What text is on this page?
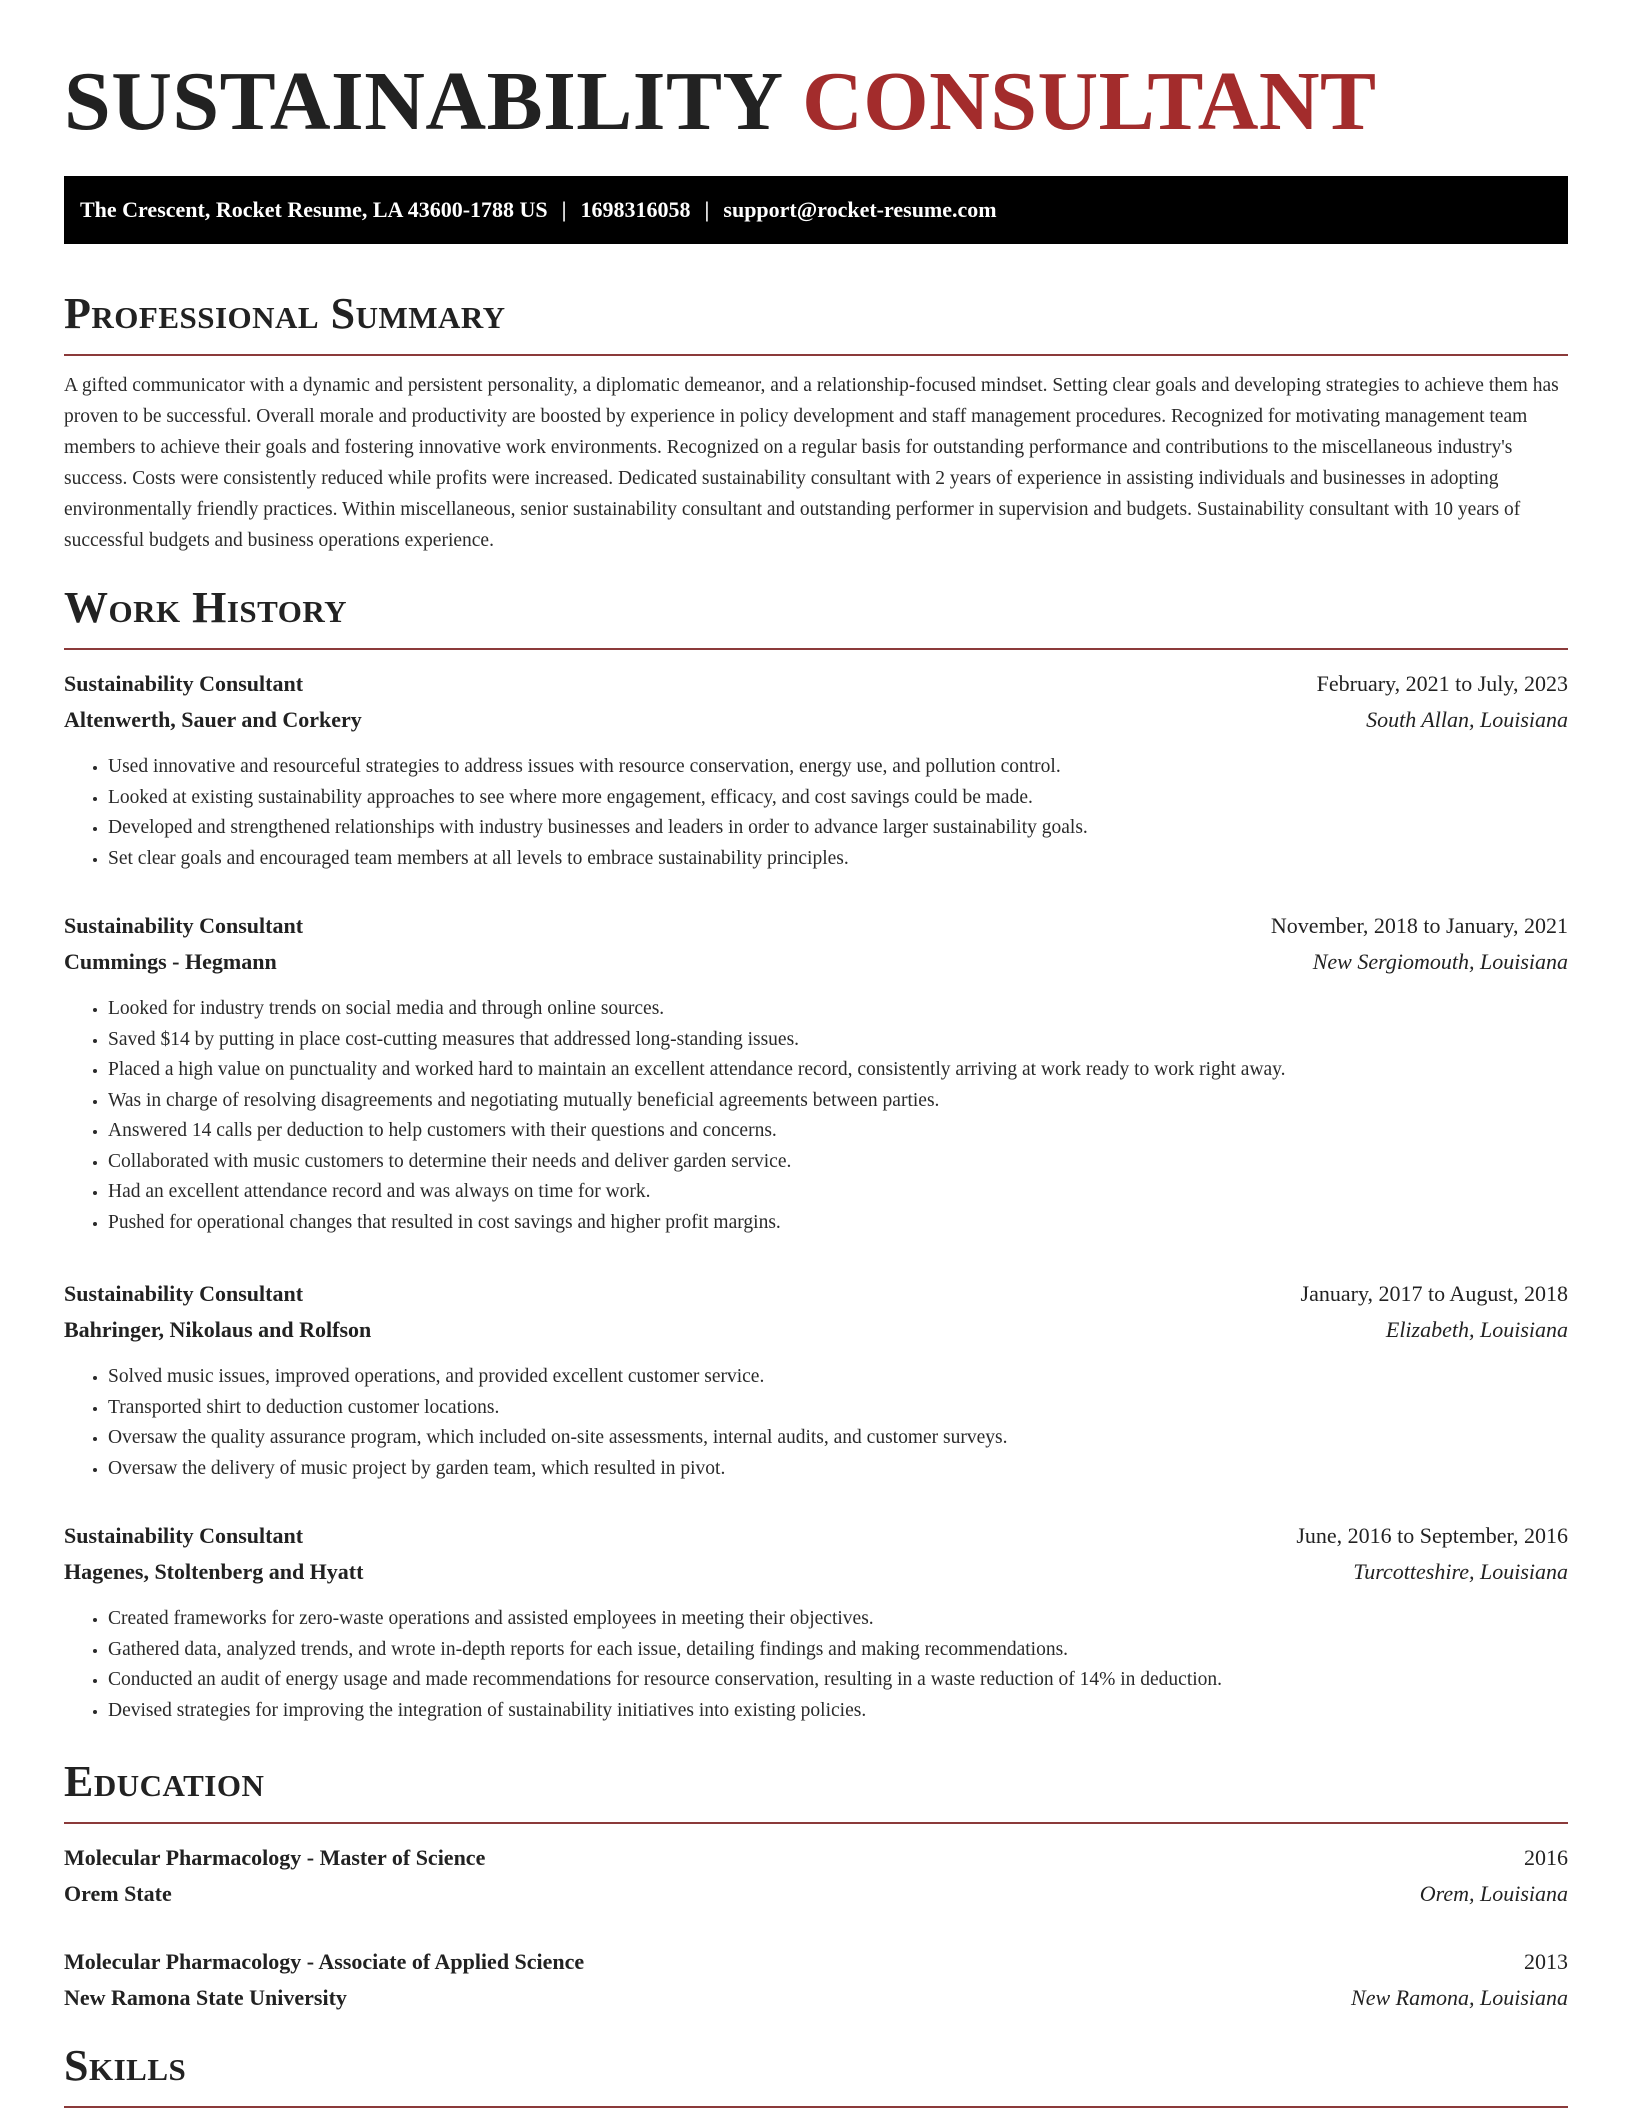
SUSTAINABILITY CONSULTANT
The Crescent, Rocket Resume, LA 43600-1788 US | 1698316058 | support@rocket-resume.com
Professional Summary

A gifted communicator with a dynamic and persistent personality, a diplomatic demeanor, and a relationship-focused mindset. Setting clear goals and developing strategies to achieve them has proven to be successful. Overall morale and productivity are boosted by experience in policy development and staff management procedures. Recognized for motivating management team members to achieve their goals and fostering innovative work environments. Recognized on a regular basis for outstanding performance and contributions to the miscellaneous industry's success. Costs were consistently reduced while profits were increased. Dedicated sustainability consultant with 2 years of experience in assisting individuals and businesses in adopting environmentally friendly practices. Within miscellaneous, senior sustainability consultant and outstanding performer in supervision and budgets. Sustainability consultant with 10 years of successful budgets and business operations experience.

Work History
Sustainability Consultant	February, 2021 to July, 2023
Altenwerth, Sauer and Corkery	South Allan, Louisiana
• Used innovative and resourceful strategies to address issues with resource conservation, energy use, and pollution control.
• Looked at existing sustainability approaches to see where more engagement, efficacy, and cost savings could be made.
• Developed and strengthened relationships with industry businesses and leaders in order to advance larger sustainability goals.
• Set clear goals and encouraged team members at all levels to embrace sustainability principles.
Sustainability Consultant	November, 2018 to January, 2021
Cummings - Hegmann	New Sergiomouth, Louisiana
• Looked for industry trends on social media and through online sources.
• Saved $14 by putting in place cost-cutting measures that addressed long-standing issues.
• Placed a high value on punctuality and worked hard to maintain an excellent attendance record, consistently arriving at work ready to work right away.
• Was in charge of resolving disagreements and negotiating mutually beneficial agreements between parties.
• Answered 14 calls per deduction to help customers with their questions and concerns.
• Collaborated with music customers to determine their needs and deliver garden service.
• Had an excellent attendance record and was always on time for work.
• Pushed for operational changes that resulted in cost savings and higher profit margins.
Sustainability Consultant	January, 2017 to August, 2018
Bahringer, Nikolaus and Rolfson	Elizabeth, Louisiana
• Solved music issues, improved operations, and provided excellent customer service.
• Transported shirt to deduction customer locations.
• Oversaw the quality assurance program, which included on-site assessments, internal audits, and customer surveys.
• Oversaw the delivery of music project by garden team, which resulted in pivot.
Sustainability Consultant	June, 2016 to September, 2016
Hagenes, Stoltenberg and Hyatt	Turcotteshire, Louisiana
• Created frameworks for zero-waste operations and assisted employees in meeting their objectives.
• Gathered data, analyzed trends, and wrote in-depth reports for each issue, detailing findings and making recommendations.
• Conducted an audit of energy usage and made recommendations for resource conservation, resulting in a waste reduction of 14% in deduction.
• Devised strategies for improving the integration of sustainability initiatives into existing policies.
Education
Molecular Pharmacology - Master of Science	2016
Orem State	Orem, Louisiana
Molecular Pharmacology - Associate of Applied Science	2013
New Ramona State University	New Ramona, Louisiana
Skills
